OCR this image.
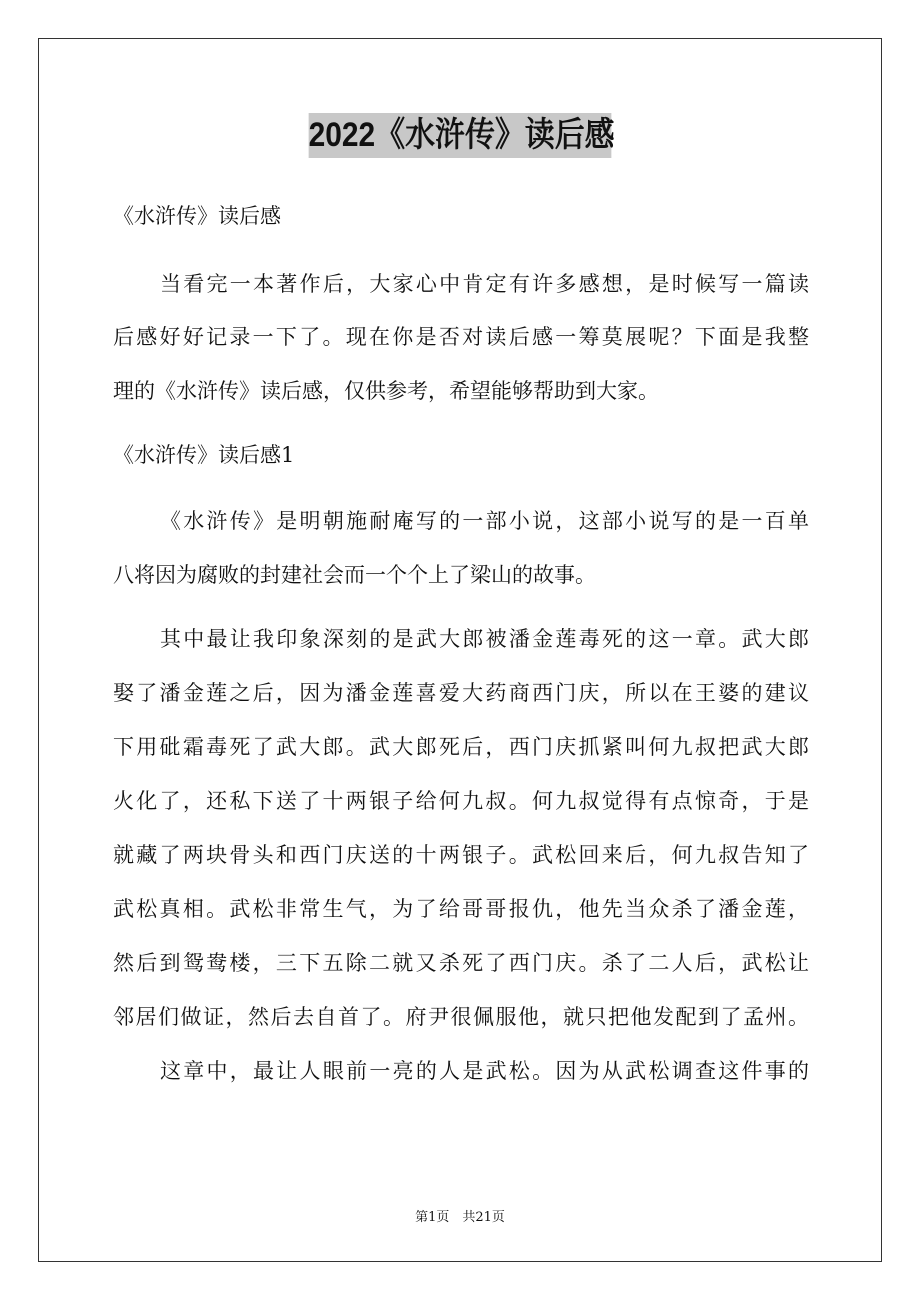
2022《水浒传》读后感
《水浒传》读后感
当看完一本著作后，大家心中肯定有许多感想，是时候写一篇读
后感好好记录一下了。现在你是否对读后感一筹莫展呢？下面是我整
理的《水浒传》读后感，仅供参考，希望能够帮助到大家。
《水浒传》读后感1
《水浒传》是明朝施耐庵写的一部小说，这部小说写的是一百单
八将因为腐败的封建社会而一个个上了梁山的故事。
其中最让我印象深刻的是武大郎被潘金莲毒死的这一章。武大郎
娶了潘金莲之后，因为潘金莲喜爱大药商西门庆，所以在王婆的建议
下用砒霜毒死了武大郎。武大郎死后，西门庆抓紧叫何九叔把武大郎
火化了，还私下送了十两银子给何九叔。何九叔觉得有点惊奇，于是
就藏了两块骨头和西门庆送的十两银子。武松回来后，何九叔告知了
武松真相。武松非常生气，为了给哥哥报仇，他先当众杀了潘金莲，
然后到鸳鸯楼，三下五除二就又杀死了西门庆。杀了二人后，武松让
邻居们做证，然后去自首了。府尹很佩服他，就只把他发配到了孟州。
这章中，最让人眼前一亮的人是武松。因为从武松调查这件事的
第1页　共21页
